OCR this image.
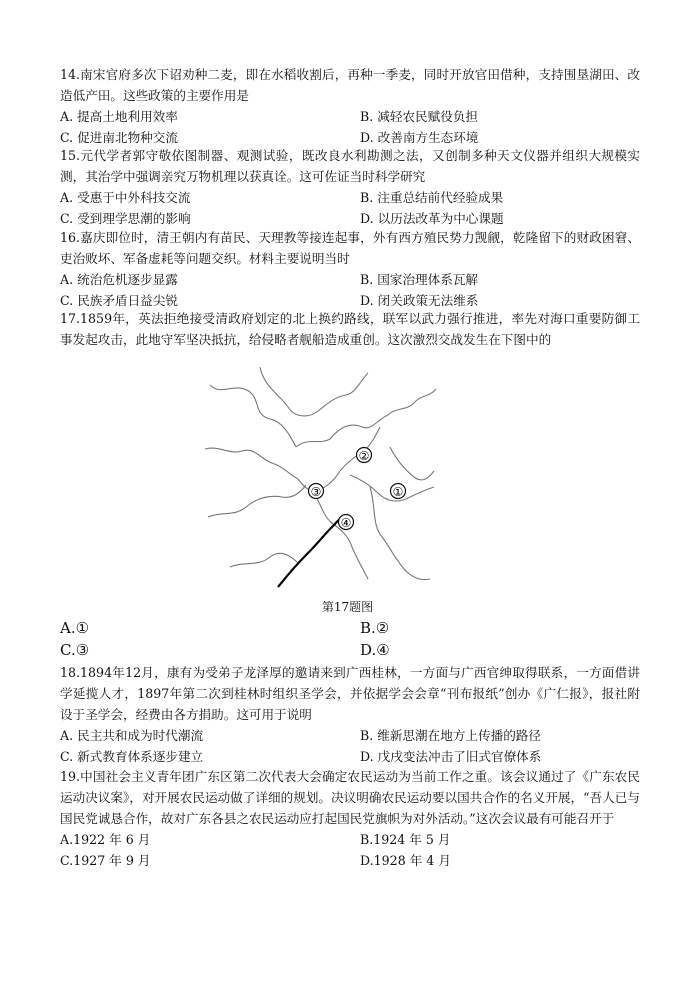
14.南宋官府多次下诏劝种二麦，即在水稻收割后，再种一季麦，同时开放官田借种，支持围垦湖田、改造低产田。这些政策的主要作用是

A. 提高土地利用效率	B. 减轻农民赋役负担
C. 促进南北物种交流	D. 改善南方生态环境

15.元代学者郭守敬依图制器、观测试验，既改良水利勘测之法，又创制多种天文仪器并组织大规模实测，其治学中强调亲究万物机理以获真诠。这可佐证当时科学研究

A. 受惠于中外科技交流	B. 注重总结前代经验成果
C. 受到理学思潮的影响	D. 以历法改革为中心课题

16.嘉庆即位时，清王朝内有苗民、天理教等接连起事，外有西方殖民势力觊觎，乾隆留下的财政困窘、吏治败坏、军备虚耗等问题交织。材料主要说明当时

A. 统治危机逐步显露	B. 国家治理体系瓦解
C. 民族矛盾日益尖锐	D. 闭关政策无法维系

17.1859年，英法拒绝接受清政府划定的北上换约路线，联军以武力强行推进，率先对海口重要防御工事发起攻击，此地守军坚决抵抗，给侵略者舰船造成重创。这次激烈交战发生在下图中的

①
②
③
④
第17题图
A.①	B.②
C.③	D.④

18.1894年12月，康有为受弟子龙泽厚的邀请来到广西桂林，一方面与广西官绅取得联系，一方面借讲学延揽人才，1897年第二次到桂林时组织圣学会，并依据学会会章“刊布报纸”创办《广仁报》，报社附设于圣学会，经费由各方捐助。这可用于说明

A. 民主共和成为时代潮流	B. 维新思潮在地方上传播的路径
C. 新式教育体系逐步建立	D. 戊戌变法冲击了旧式官僚体系

19.中国社会主义青年团广东区第二次代表大会确定农民运动为当前工作之重。该会议通过了《广东农民运动决议案》，对开展农民运动做了详细的规划。决议明确农民运动要以国共合作的名义开展，“吾人已与国民党诚恳合作，故对广东各县之农民运动应打起国民党旗帜为对外活动。”这次会议最有可能召开于

A.1922 年 6 月	B.1924 年 5 月
C.1927 年 9 月	D.1928 年 4 月
